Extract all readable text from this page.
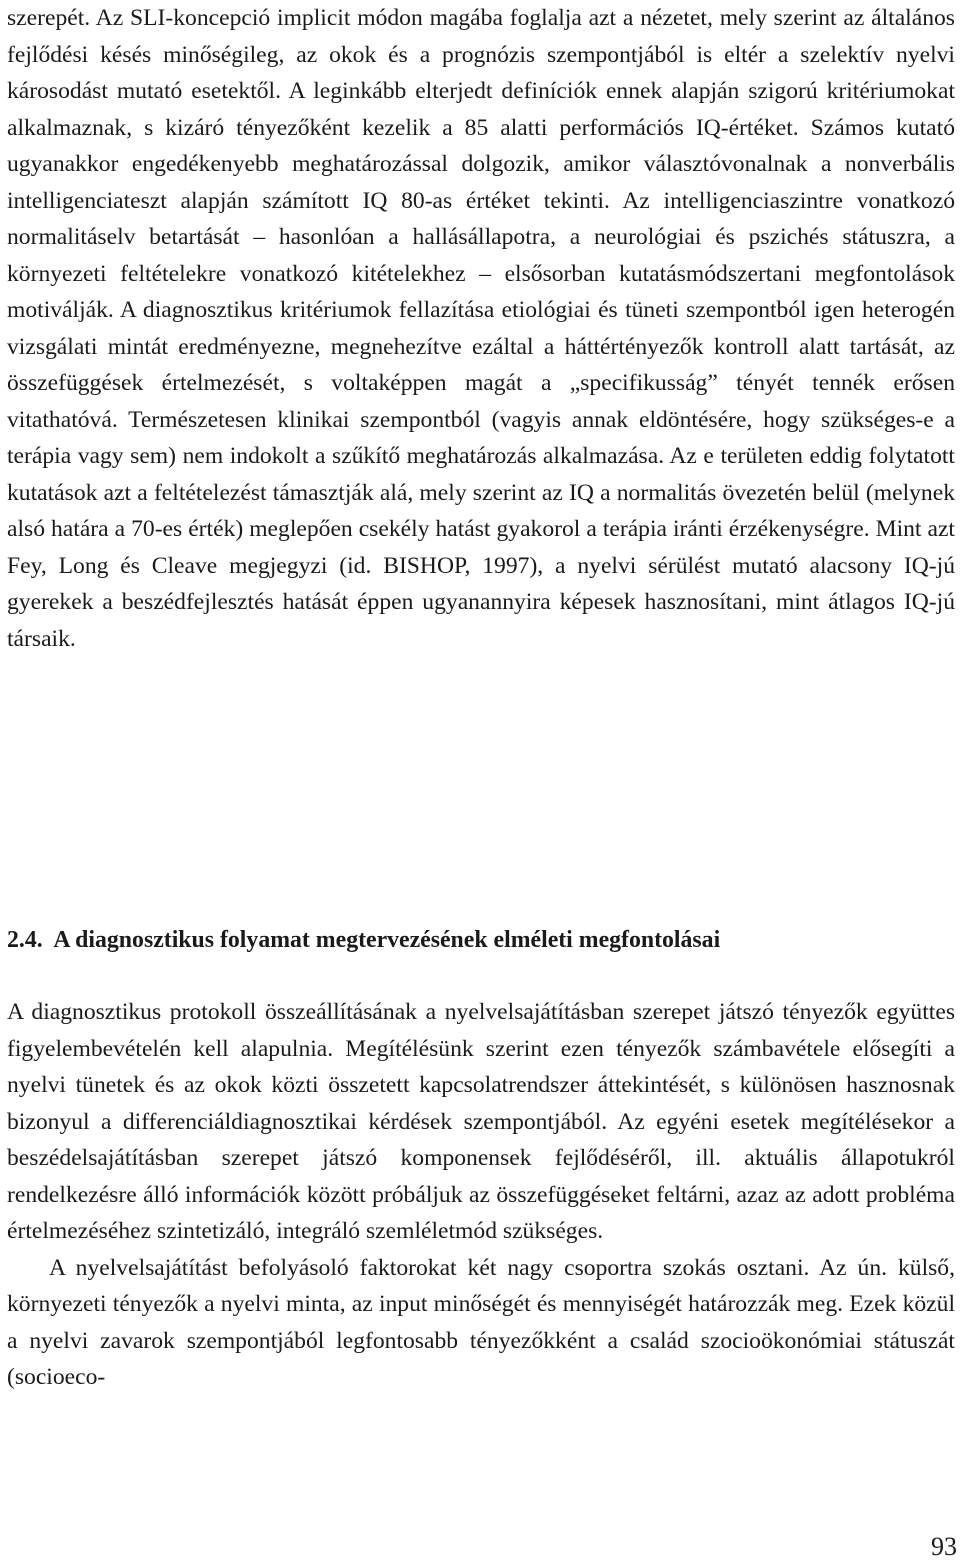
szerepét. Az SLI-koncepció implicit módon magába foglalja azt a nézetet, mely szerint az általános fejlődési késés minőségileg, az okok és a prognózis szempontjából is eltér a szelektív nyelvi károsodást mutató esetektől. A leginkább elterjedt definíciók ennek alapján szigorú kritériumokat alkalmaznak, s kizáró tényezőként kezelik a 85 alatti performációs IQ-értéket. Számos kutató ugyanakkor engedékenyebb meghatározással dolgozik, amikor választóvonalnak a nonverbális intelligenciateszt alapján számított IQ 80-as értéket tekinti. Az intelligenciaszintre vonatkozó normalitáselv betartását – hasonlóan a hallásállapotra, a neurológiai és pszichés státuszra, a környezeti feltételekre vonatkozó kitételekhez – elsősorban kutatásmódszertani megfontolások motiválják. A diagnosztikus kritériumok fellazítása etiológiai és tüneti szempontból igen heterogén vizsgálati mintát eredményezne, megnehezítve ezáltal a háttértényezők kontroll alatt tartását, az összefüggések értelmezését, s voltaképpen magát a „specifikusság” tényét tennék erősen vitathatóvá. Természetesen klinikai szempontból (vagyis annak eldöntésére, hogy szükséges-e a terápia vagy sem) nem indokolt a szűkítő meghatározás alkalmazása. Az e területen eddig folytatott kutatások azt a feltételezést támasztják alá, mely szerint az IQ a normalitás övezetén belül (melynek alsó határa a 70-es érték) meglepően csekély hatást gyakorol a terápia iránti érzékenységre. Mint azt Fey, Long és Cleave megjegyzi (id. BISHOP, 1997), a nyelvi sérülést mutató alacsony IQ-jú gyerekek a beszédfejlesztés hatását éppen ugyanannyira képesek hasznosítani, mint átlagos IQ-jú társaik.

2.4. A diagnosztikus folyamat megtervezésének elméleti megfontolásai

A diagnosztikus protokoll összeállításának a nyelvelsajátításban szerepet játszó tényezők együttes figyelembevételén kell alapulnia. Megítélésünk szerint ezen tényezők számbavétele elősegíti a nyelvi tünetek és az okok közti összetett kapcsolatrendszer áttekintését, s különösen hasznosnak bizonyul a differenciáldiagnosztikai kérdések szempontjából. Az egyéni esetek megítélésekor a beszédelsajátításban szerepet játszó komponensek fejlődéséről, ill. aktuális állapotukról rendelkezésre álló információk között próbáljuk az összefüggéseket feltárni, azaz az adott probléma értelmezéséhez szintetizáló, integráló szemléletmód szükséges.

A nyelvelsajátítást befolyásoló faktorokat két nagy csoportra szokás osztani. Az ún. külső, környezeti tényezők a nyelvi minta, az input minőségét és mennyiségét határozzák meg. Ezek közül a nyelvi zavarok szempontjából legfontosabb tényezőkként a család szocioökonómiai státuszát (socioeco-

93
